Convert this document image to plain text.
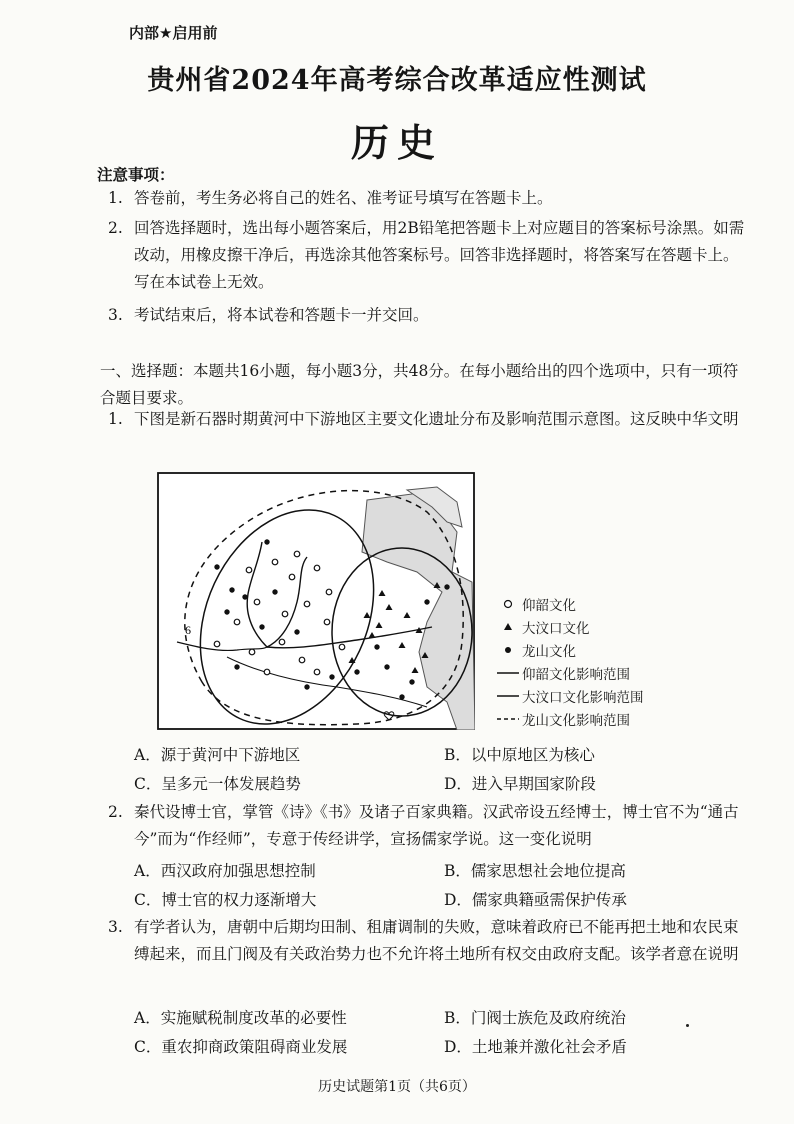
内部★启用前
贵州省2024年高考综合改革适应性测试
历史
注意事项：
1. 答卷前，考生务必将自己的姓名、准考证号填写在答题卡上。
2. 回答选择题时，选出每小题答案后，用2B铅笔把答题卡上对应题目的答案标号涂黑。如需改动，用橡皮擦干净后，再选涂其他答案标号。回答非选择题时，将答案写在答题卡上。写在本试卷上无效。
3. 考试结束后，将本试卷和答题卡一并交回。
一、选择题：本题共16小题，每小题3分，共48分。在每小题给出的四个选项中，只有一项符合题目要求。
1. 下图是新石器时期黄河中下游地区主要文化遗址分布及影响范围示意图。这反映中华文明
6
仰韶文化
大汶口文化
龙山文化
仰韶文化影响范围
大汶口文化影响范围
龙山文化影响范围
A．源于黄河中下游地区	B．以中原地区为核心
C．呈多元一体发展趋势	D．进入早期国家阶段
2. 秦代设博士官，掌管《诗》《书》及诸子百家典籍。汉武帝设五经博士，博士官不为“通古今”而为“作经师”，专意于传经讲学，宣扬儒家学说。这一变化说明
A．西汉政府加强思想控制	B．儒家思想社会地位提高
C．博士官的权力逐渐增大	D．儒家典籍亟需保护传承
3. 有学者认为，唐朝中后期均田制、租庸调制的失败，意味着政府已不能再把土地和农民束缚起来，而且门阀及有关政治势力也不允许将土地所有权交由政府支配。该学者意在说明
A．实施赋税制度改革的必要性	B．门阀士族危及政府统治
C．重农抑商政策阻碍商业发展	D．土地兼并激化社会矛盾
历史试题第1页（共6页）
